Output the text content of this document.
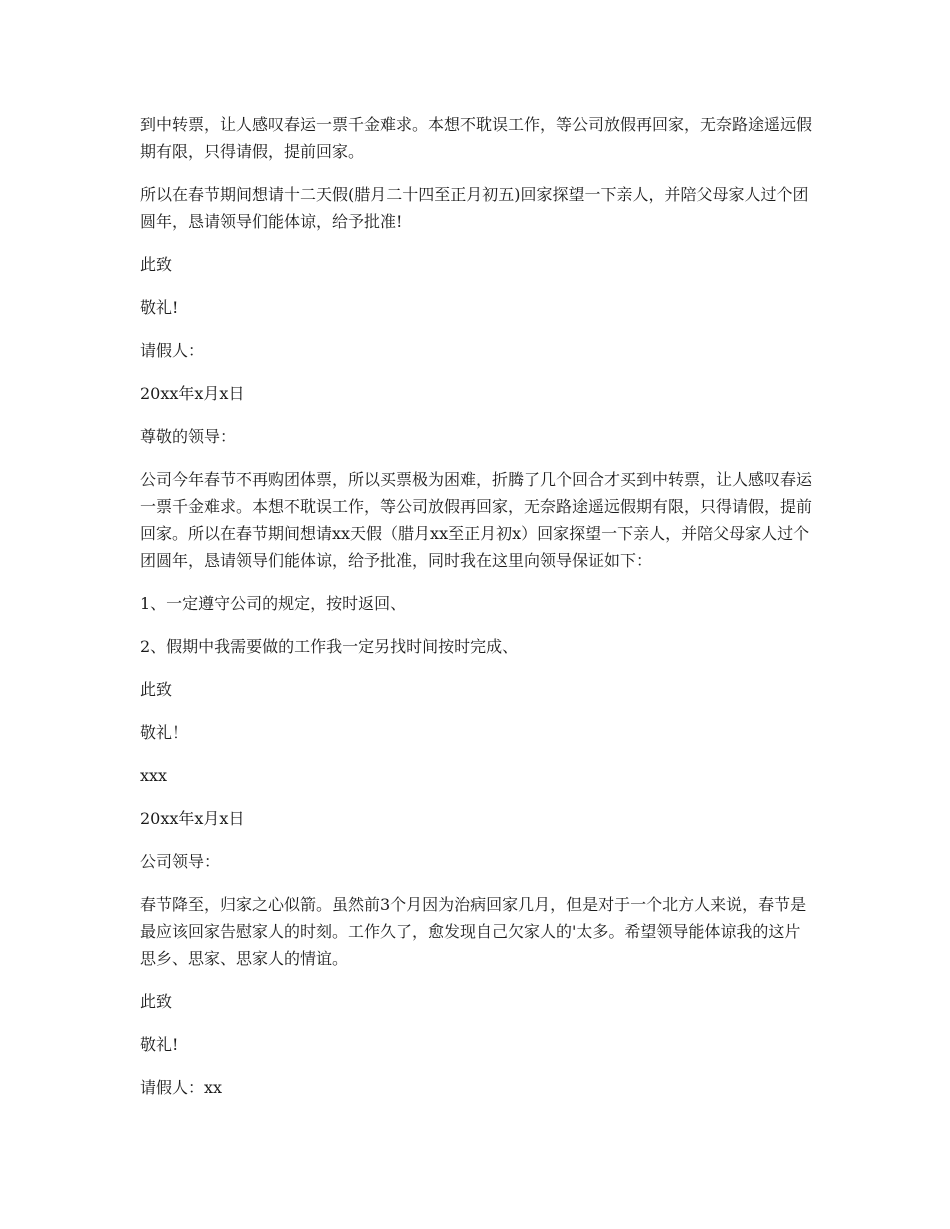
到中转票，让人感叹春运一票千金难求。本想不耽误工作，等公司放假再回家，无奈路途遥远假期有限，只得请假，提前回家。

所以在春节期间想请十二天假(腊月二十四至正月初五)回家探望一下亲人，并陪父母家人过个团圆年，恳请领导们能体谅，给予批准!

此致

敬礼!

请假人：

20xx年x月x日

尊敬的领导：

公司今年春节不再购团体票，所以买票极为困难，折腾了几个回合才买到中转票，让人感叹春运一票千金难求。本想不耽误工作，等公司放假再回家，无奈路途遥远假期有限，只得请假，提前回家。所以在春节期间想请xx天假（腊月xx至正月初x）回家探望一下亲人，并陪父母家人过个团圆年，恳请领导们能体谅，给予批准，同时我在这里向领导保证如下：

1、一定遵守公司的规定，按时返回、

2、假期中我需要做的工作我一定另找时间按时完成、

此致

敬礼！

xxx

20xx年x月x日

公司领导：

春节降至，归家之心似箭。虽然前3个月因为治病回家几月，但是对于一个北方人来说，春节是最应该回家告慰家人的时刻。工作久了，愈发现自己欠家人的'太多。希望领导能体谅我的这片思乡、思家、思家人的情谊。

此致

敬礼!

请假人：xx
